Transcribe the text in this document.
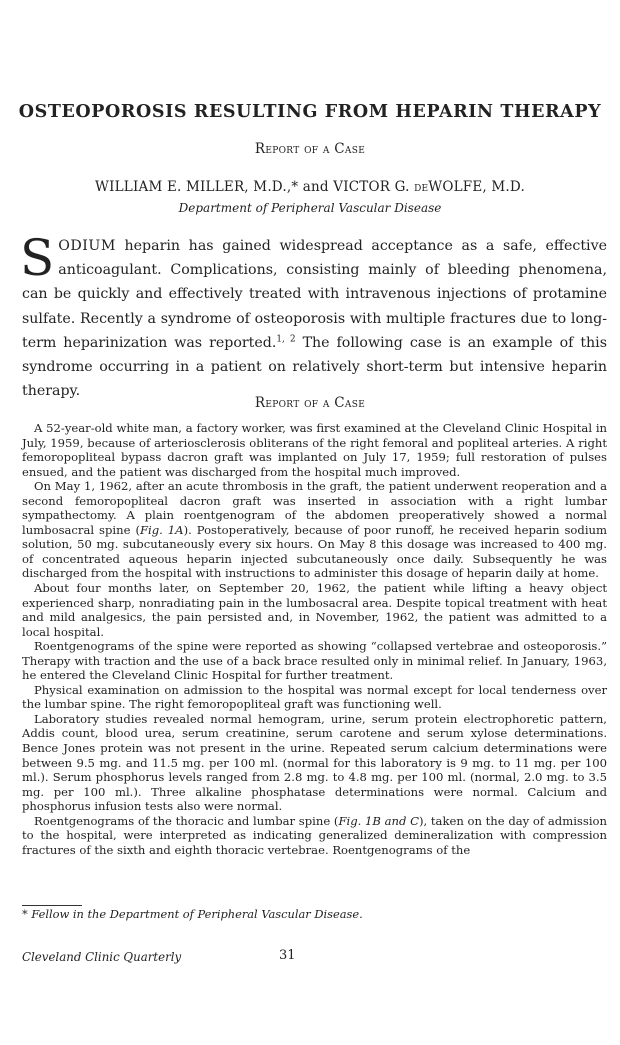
OSTEOPOROSIS RESULTING FROM HEPARIN THERAPY
Report of a Case
WILLIAM E. MILLER, M.D.,* and VICTOR G. deWOLFE, M.D.
Department of Peripheral Vascular Disease
SODIUM heparin has gained widespread acceptance as a safe, effective anticoagulant. Complications, consisting mainly of bleeding phenomena, can be quickly and effectively treated with intravenous injections of protamine sulfate. Recently a syndrome of osteoporosis with multiple fractures due to long-term heparinization was reported.$^{1, 2}$ The following case is an example of this syndrome occurring in a patient on relatively short-term but intensive heparin therapy.
Report of a Case

A 52-year-old white man, a factory worker, was first examined at the Cleveland Clinic Hospital in July, 1959, because of arteriosclerosis obliterans of the right femoral and popliteal arteries. A right femoropopliteal bypass dacron graft was implanted on July 17, 1959; full restoration of pulses ensued, and the patient was discharged from the hospital much improved.

On May 1, 1962, after an acute thrombosis in the graft, the patient underwent reoperation and a second femoropopliteal dacron graft was inserted in association with a right lumbar sympathectomy. A plain roentgenogram of the abdomen preoperatively showed a normal lumbosacral spine (Fig. 1A). Postoperatively, because of poor runoff, he received heparin sodium solution, 50 mg. subcutaneously every six hours. On May 8 this dosage was increased to 400 mg. of concentrated aqueous heparin injected subcutaneously once daily. Subsequently he was discharged from the hospital with instructions to administer this dosage of heparin daily at home.

About four months later, on September 20, 1962, the patient while lifting a heavy object experienced sharp, nonradiating pain in the lumbosacral area. Despite topical treatment with heat and mild analgesics, the pain persisted and, in November, 1962, the patient was admitted to a local hospital.

Roentgenograms of the spine were reported as showing “collapsed vertebrae and osteoporosis.” Therapy with traction and the use of a back brace resulted only in minimal relief. In January, 1963, he entered the Cleveland Clinic Hospital for further treatment.

Physical examination on admission to the hospital was normal except for local tenderness over the lumbar spine. The right femoropopliteal graft was functioning well.

Laboratory studies revealed normal hemogram, urine, serum protein electrophoretic pattern, Addis count, blood urea, serum creatinine, serum carotene and serum xylose determinations. Bence Jones protein was not present in the urine. Repeated serum calcium determinations were between 9.5 mg. and 11.5 mg. per 100 ml. (normal for this laboratory is 9 mg. to 11 mg. per 100 ml.). Serum phosphorus levels ranged from 2.8 mg. to 4.8 mg. per 100 ml. (normal, 2.0 mg. to 3.5 mg. per 100 ml.). Three alkaline phosphatase determinations were normal. Calcium and phosphorus infusion tests also were normal.

Roentgenograms of the thoracic and lumbar spine (Fig. 1B and C), taken on the day of admission to the hospital, were interpreted as indicating generalized demineralization with compression fractures of the sixth and eighth thoracic vertebrae. Roentgenograms of the

* Fellow in the Department of Peripheral Vascular Disease.
Cleveland Clinic Quarterly	31
